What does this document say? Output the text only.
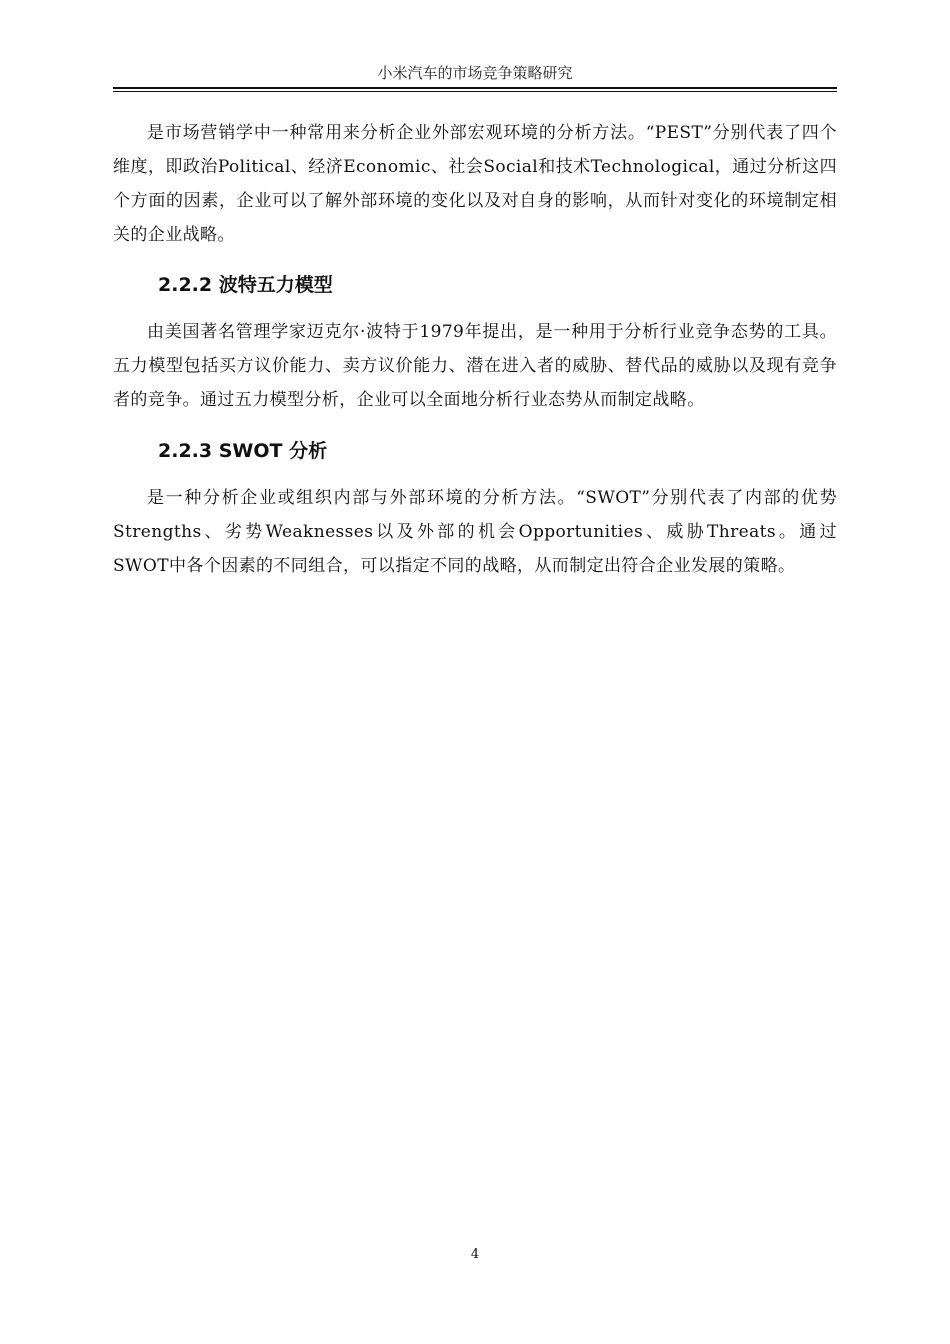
小米汽车的市场竞争策略研究

是市场营销学中一种常用来分析企业外部宏观环境的分析方法。“PEST”分别代表了四个维度，即政治Political、经济Economic、社会Social和技术Technological，通过分析这四个方面的因素，企业可以了解外部环境的变化以及对自身的影响，从而针对变化的环境制定相关的企业战略。

2.2.2 波特五力模型

由美国著名管理学家迈克尔·波特于1979年提出，是一种用于分析行业竞争态势的工具。五力模型包括买方议价能力、卖方议价能力、潜在进入者的威胁、替代品的威胁以及现有竞争者的竞争。通过五力模型分析，企业可以全面地分析行业态势从而制定战略。

2.2.3 SWOT 分析

是一种分析企业或组织内部与外部环境的分析方法。“SWOT”分别代表了内部的优势Strengths、劣势Weaknesses以及外部的机会Opportunities、威胁Threats。通过SWOT中各个因素的不同组合，可以指定不同的战略，从而制定出符合企业发展的策略。

4
